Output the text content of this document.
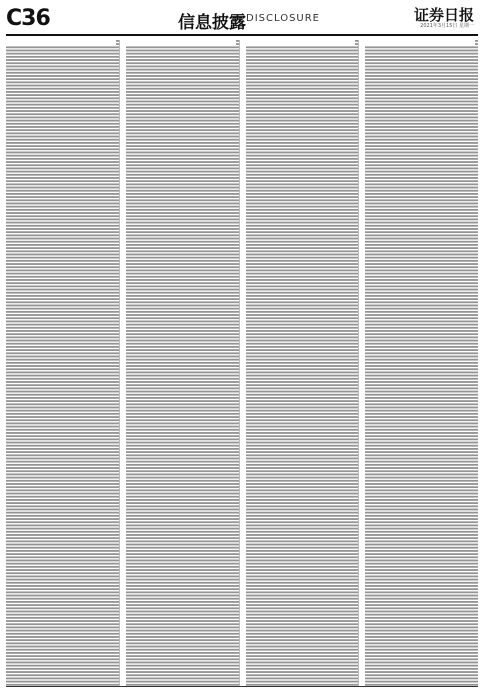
C36	信息披露 DISCLOSURE	证券日报
2021年3月15日 星期一
